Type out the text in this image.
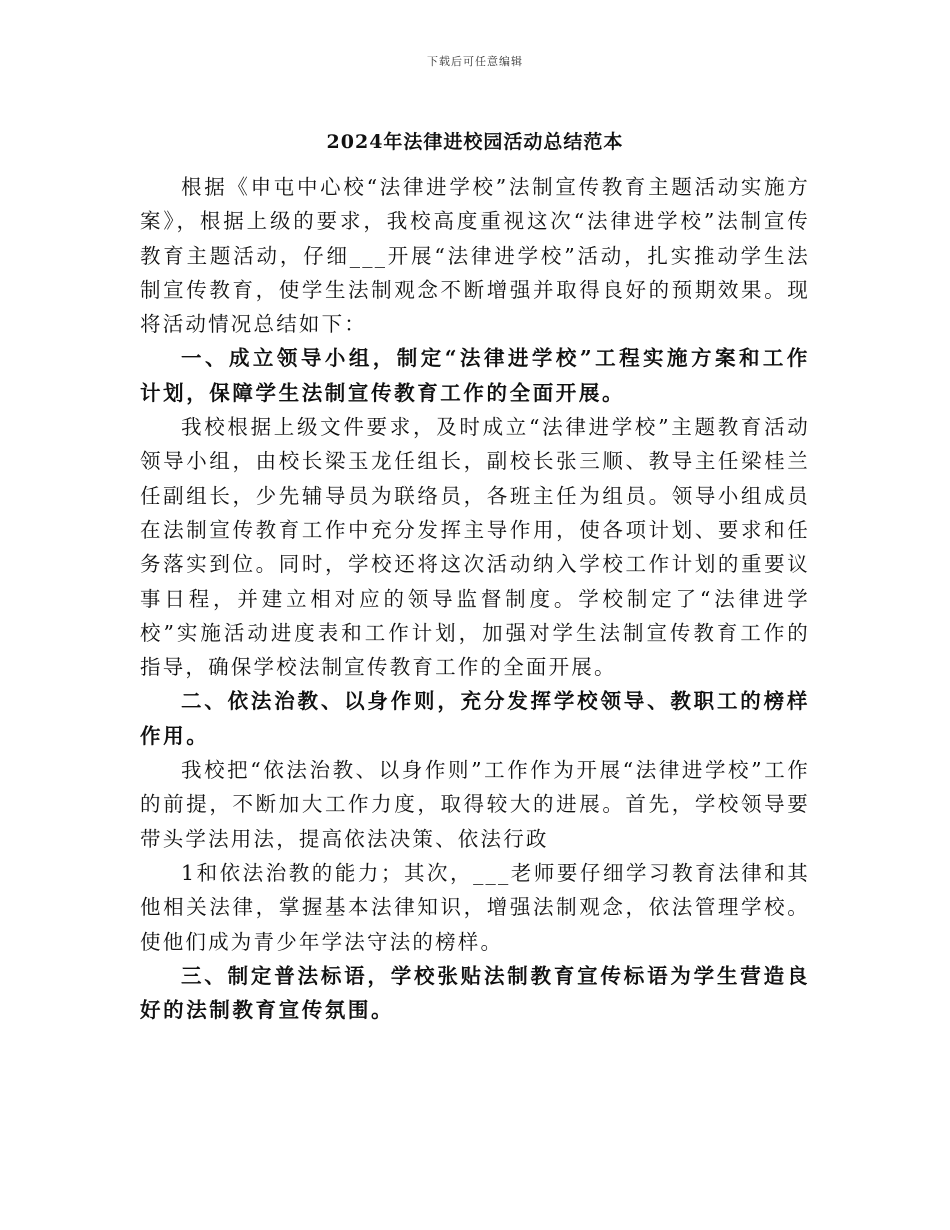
下载后可任意编辑
2024年法律进校园活动总结范本

根据《申屯中心校“法律进学校”法制宣传教育主题活动实施方案》，根据上级的要求，我校高度重视这次“法律进学校”法制宣传教育主题活动，仔细___开展“法律进学校”活动，扎实推动学生法制宣传教育，使学生法制观念不断增强并取得良好的预期效果。现将活动情况总结如下：

一、成立领导小组，制定“法律进学校”工程实施方案和工作计划，保障学生法制宣传教育工作的全面开展。

我校根据上级文件要求，及时成立“法律进学校”主题教育活动领导小组，由校长梁玉龙任组长，副校长张三顺、教导主任梁桂兰任副组长，少先辅导员为联络员，各班主任为组员。领导小组成员在法制宣传教育工作中充分发挥主导作用，使各项计划、要求和任务落实到位。同时，学校还将这次活动纳入学校工作计划的重要议事日程，并建立相对应的领导监督制度。学校制定了“法律进学校”实施活动进度表和工作计划，加强对学生法制宣传教育工作的指导，确保学校法制宣传教育工作的全面开展。

二、依法治教、以身作则，充分发挥学校领导、教职工的榜样作用。

我校把“依法治教、以身作则”工作作为开展“法律进学校”工作的前提，不断加大工作力度，取得较大的进展。首先，学校领导要带头学法用法，提高依法决策、依法行政

1和依法治教的能力；其次，___老师要仔细学习教育法律和其他相关法律，掌握基本法律知识，增强法制观念，依法管理学校。使他们成为青少年学法守法的榜样。

三、制定普法标语，学校张贴法制教育宣传标语为学生营造良好的法制教育宣传氛围。
